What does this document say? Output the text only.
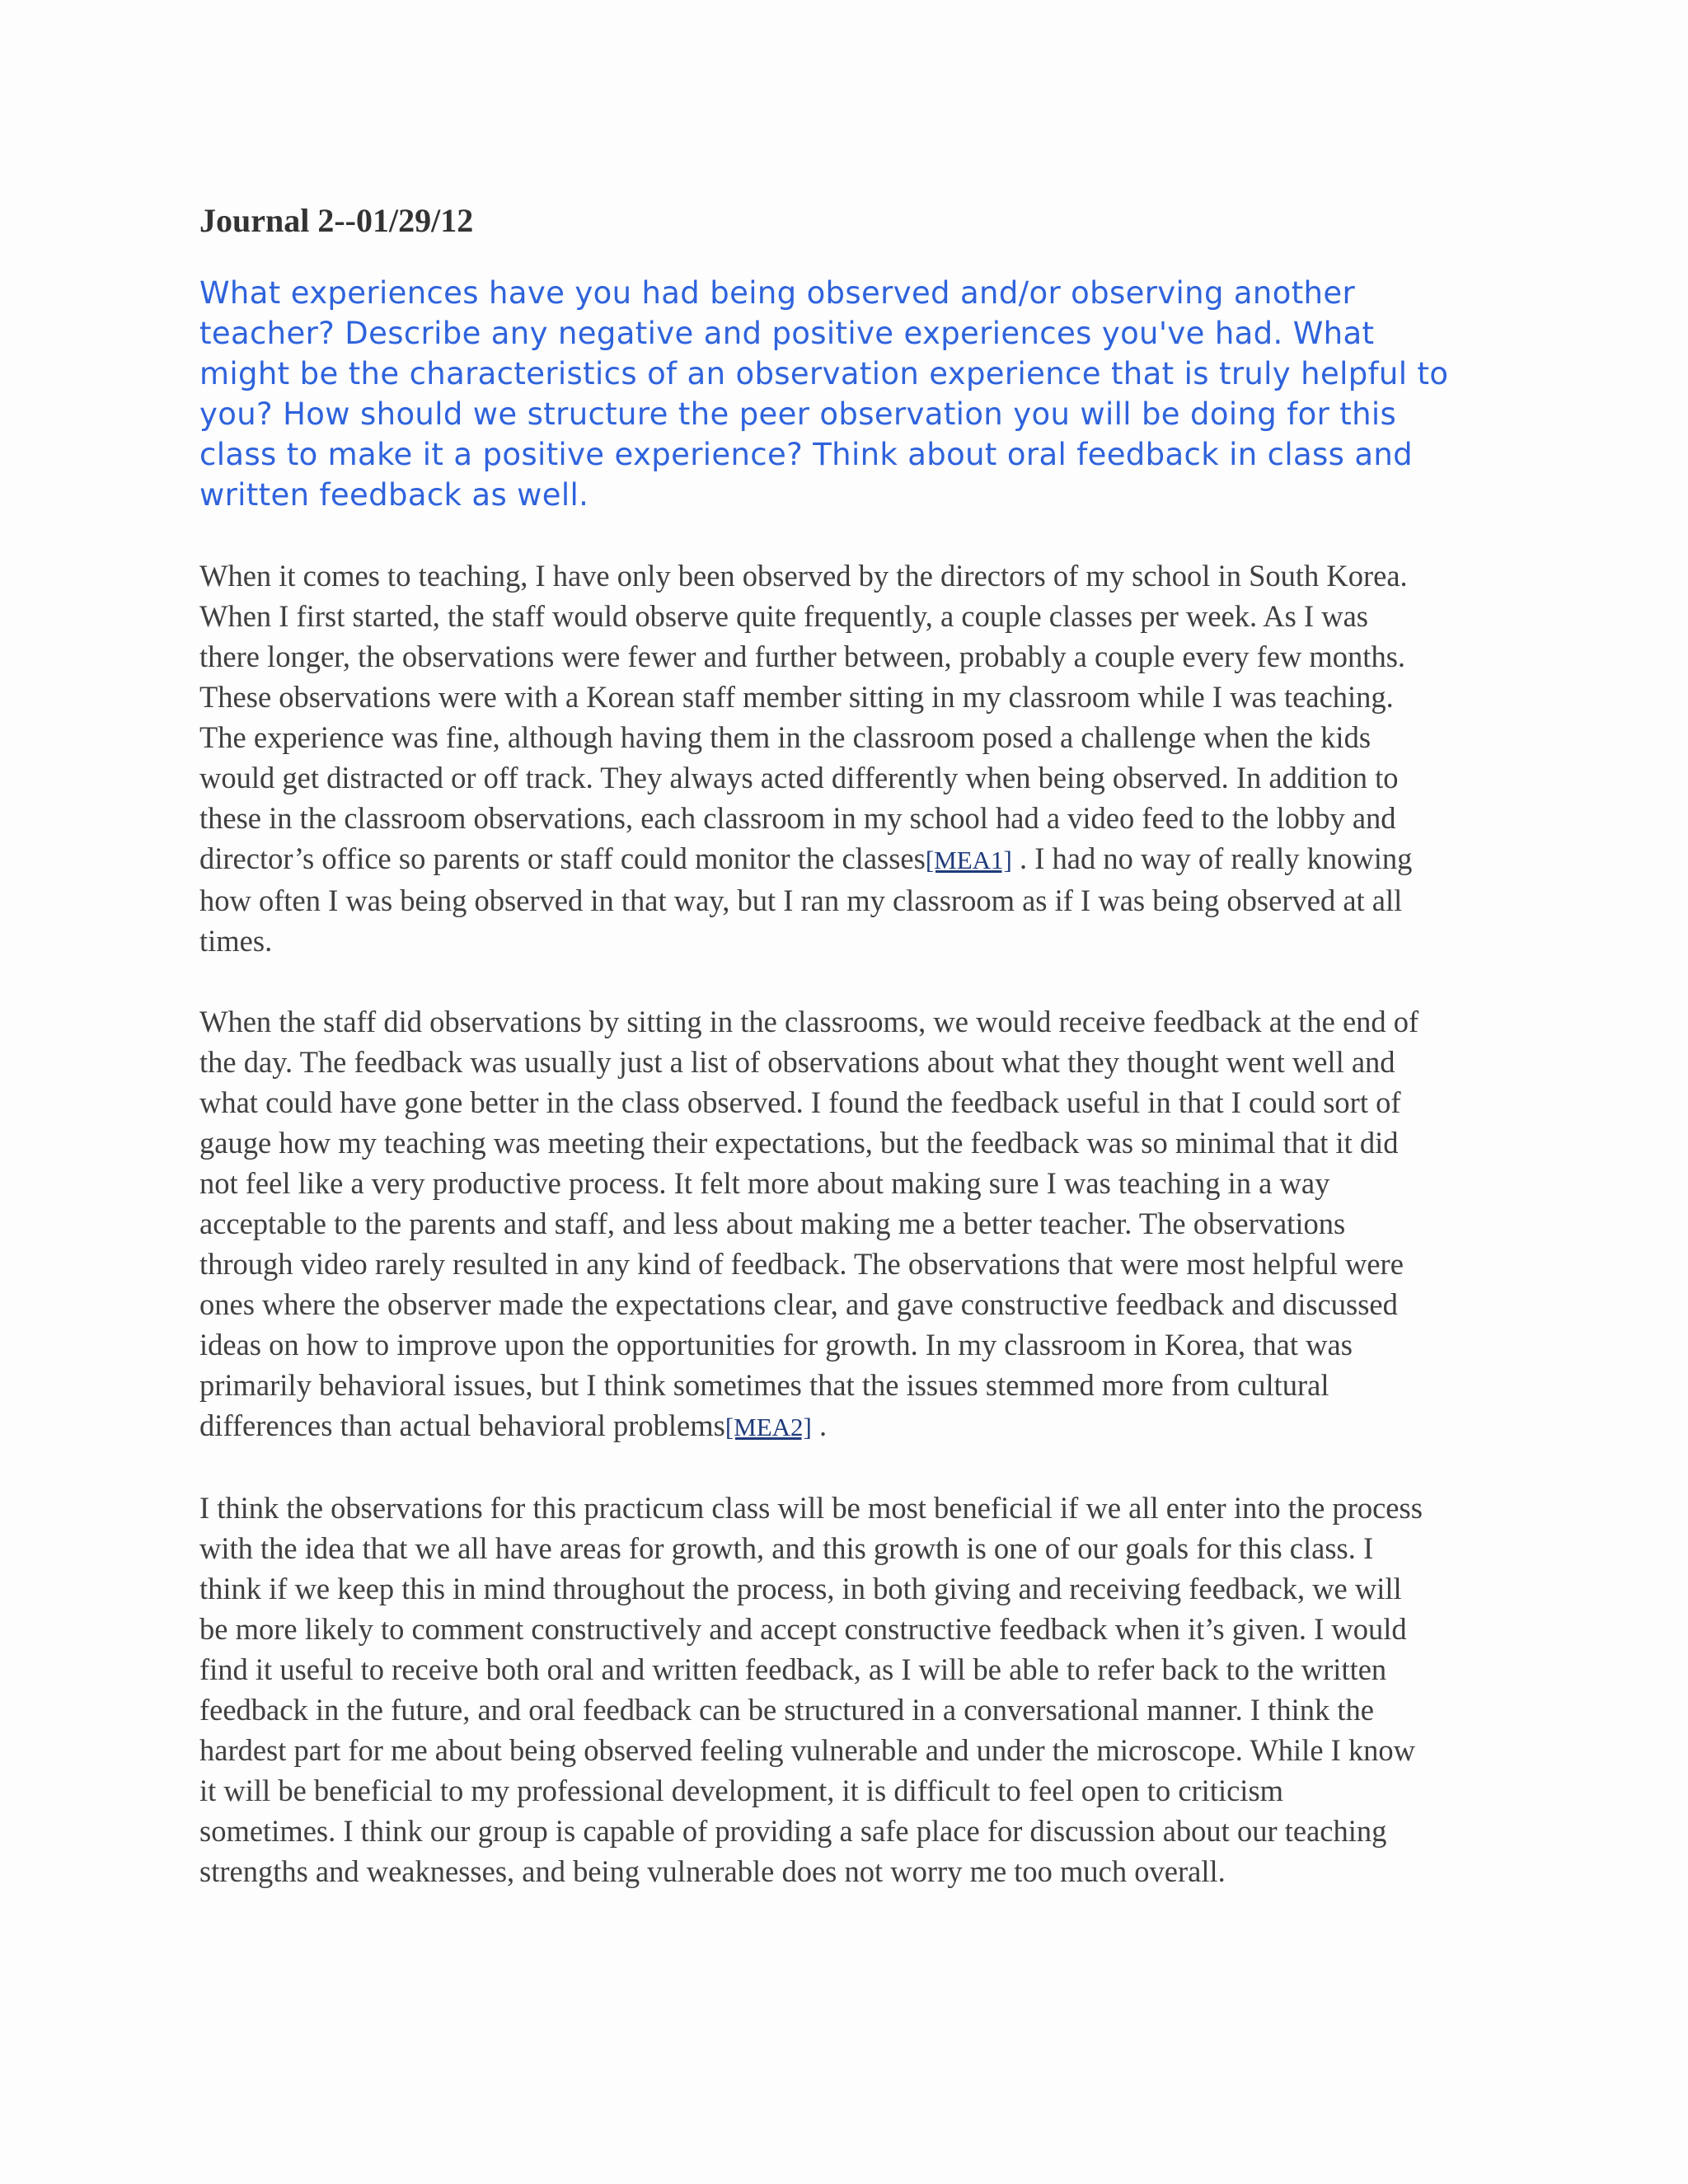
Journal 2--01/29/12
What experiences have you had being observed and/or observing another
teacher? Describe any negative and positive experiences you've had. What
might be the characteristics of an observation experience that is truly helpful to
you? How should we structure the peer observation you will be doing for this
class to make it a positive experience? Think about oral feedback in class and
written feedback as well.
When it comes to teaching, I have only been observed by the directors of my school in South Korea.
When I first started, the staff would observe quite frequently, a couple classes per week. As I was
there longer, the observations were fewer and further between, probably a couple every few months.
These observations were with a Korean staff member sitting in my classroom while I was teaching.
The experience was fine, although having them in the classroom posed a challenge when the kids
would get distracted or off track. They always acted differently when being observed. In addition to
these in the classroom observations, each classroom in my school had a video feed to the lobby and
director’s office so parents or staff could monitor the classes[MEA1] . I had no way of really knowing
how often I was being observed in that way, but I ran my classroom as if I was being observed at all
times.
When the staff did observations by sitting in the classrooms, we would receive feedback at the end of
the day. The feedback was usually just a list of observations about what they thought went well and
what could have gone better in the class observed. I found the feedback useful in that I could sort of
gauge how my teaching was meeting their expectations, but the feedback was so minimal that it did
not feel like a very productive process. It felt more about making sure I was teaching in a way
acceptable to the parents and staff, and less about making me a better teacher. The observations
through video rarely resulted in any kind of feedback. The observations that were most helpful were
ones where the observer made the expectations clear, and gave constructive feedback and discussed
ideas on how to improve upon the opportunities for growth. In my classroom in Korea, that was
primarily behavioral issues, but I think sometimes that the issues stemmed more from cultural
differences than actual behavioral problems[MEA2] .
I think the observations for this practicum class will be most beneficial if we all enter into the process
with the idea that we all have areas for growth, and this growth is one of our goals for this class. I
think if we keep this in mind throughout the process, in both giving and receiving feedback, we will
be more likely to comment constructively and accept constructive feedback when it’s given. I would
find it useful to receive both oral and written feedback, as I will be able to refer back to the written
feedback in the future, and oral feedback can be structured in a conversational manner. I think the
hardest part for me about being observed feeling vulnerable and under the microscope. While I know
it will be beneficial to my professional development, it is difficult to feel open to criticism
sometimes. I think our group is capable of providing a safe place for discussion about our teaching
strengths and weaknesses, and being vulnerable does not worry me too much overall.
